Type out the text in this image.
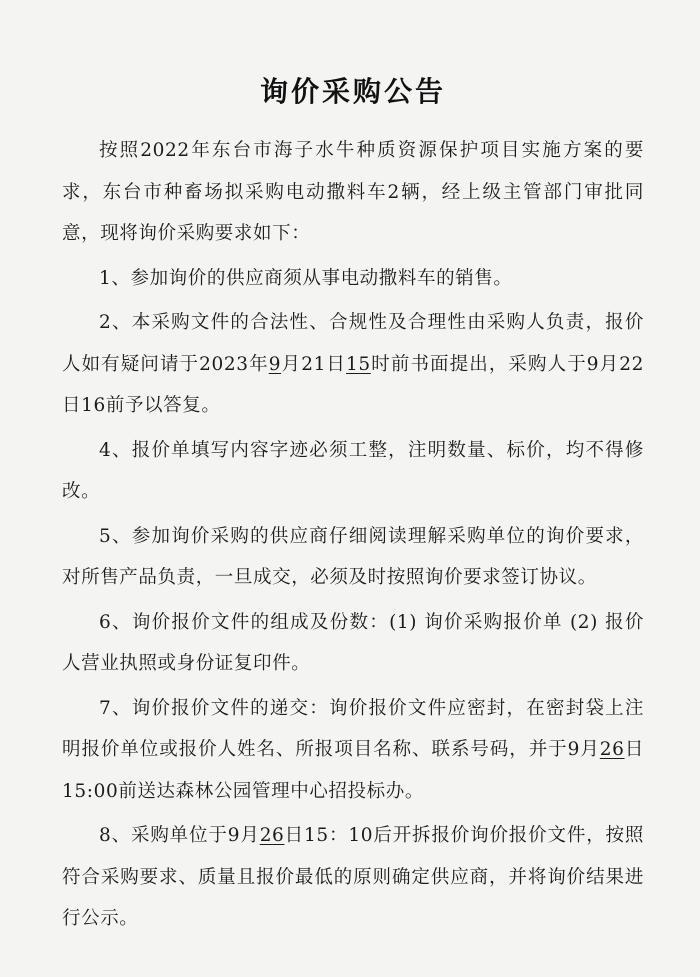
询价采购公告

按照2022年东台市海子水牛种质资源保护项目实施方案的要求，东台市种畜场拟采购电动撒料车2辆，经上级主管部门审批同意，现将询价采购要求如下：

1、参加询价的供应商须从事电动撒料车的销售。

2、本采购文件的合法性、合规性及合理性由采购人负责，报价人如有疑问请于2023年9月21日15时前书面提出，采购人于9月22日16前予以答复。

4、报价单填写内容字迹必须工整，注明数量、标价，均不得修改。

5、参加询价采购的供应商仔细阅读理解采购单位的询价要求，对所售产品负责，一旦成交，必须及时按照询价要求签订协议。

6、询价报价文件的组成及份数：(1) 询价采购报价单 (2) 报价人营业执照或身份证复印件。

7、询价报价文件的递交：询价报价文件应密封，在密封袋上注明报价单位或报价人姓名、所报项目名称、联系号码，并于9月26日15:00前送达森林公园管理中心招投标办。

8、采购单位于9月26日15：10后开拆报价询价报价文件，按照符合采购要求、质量且报价最低的原则确定供应商，并将询价结果进行公示。
